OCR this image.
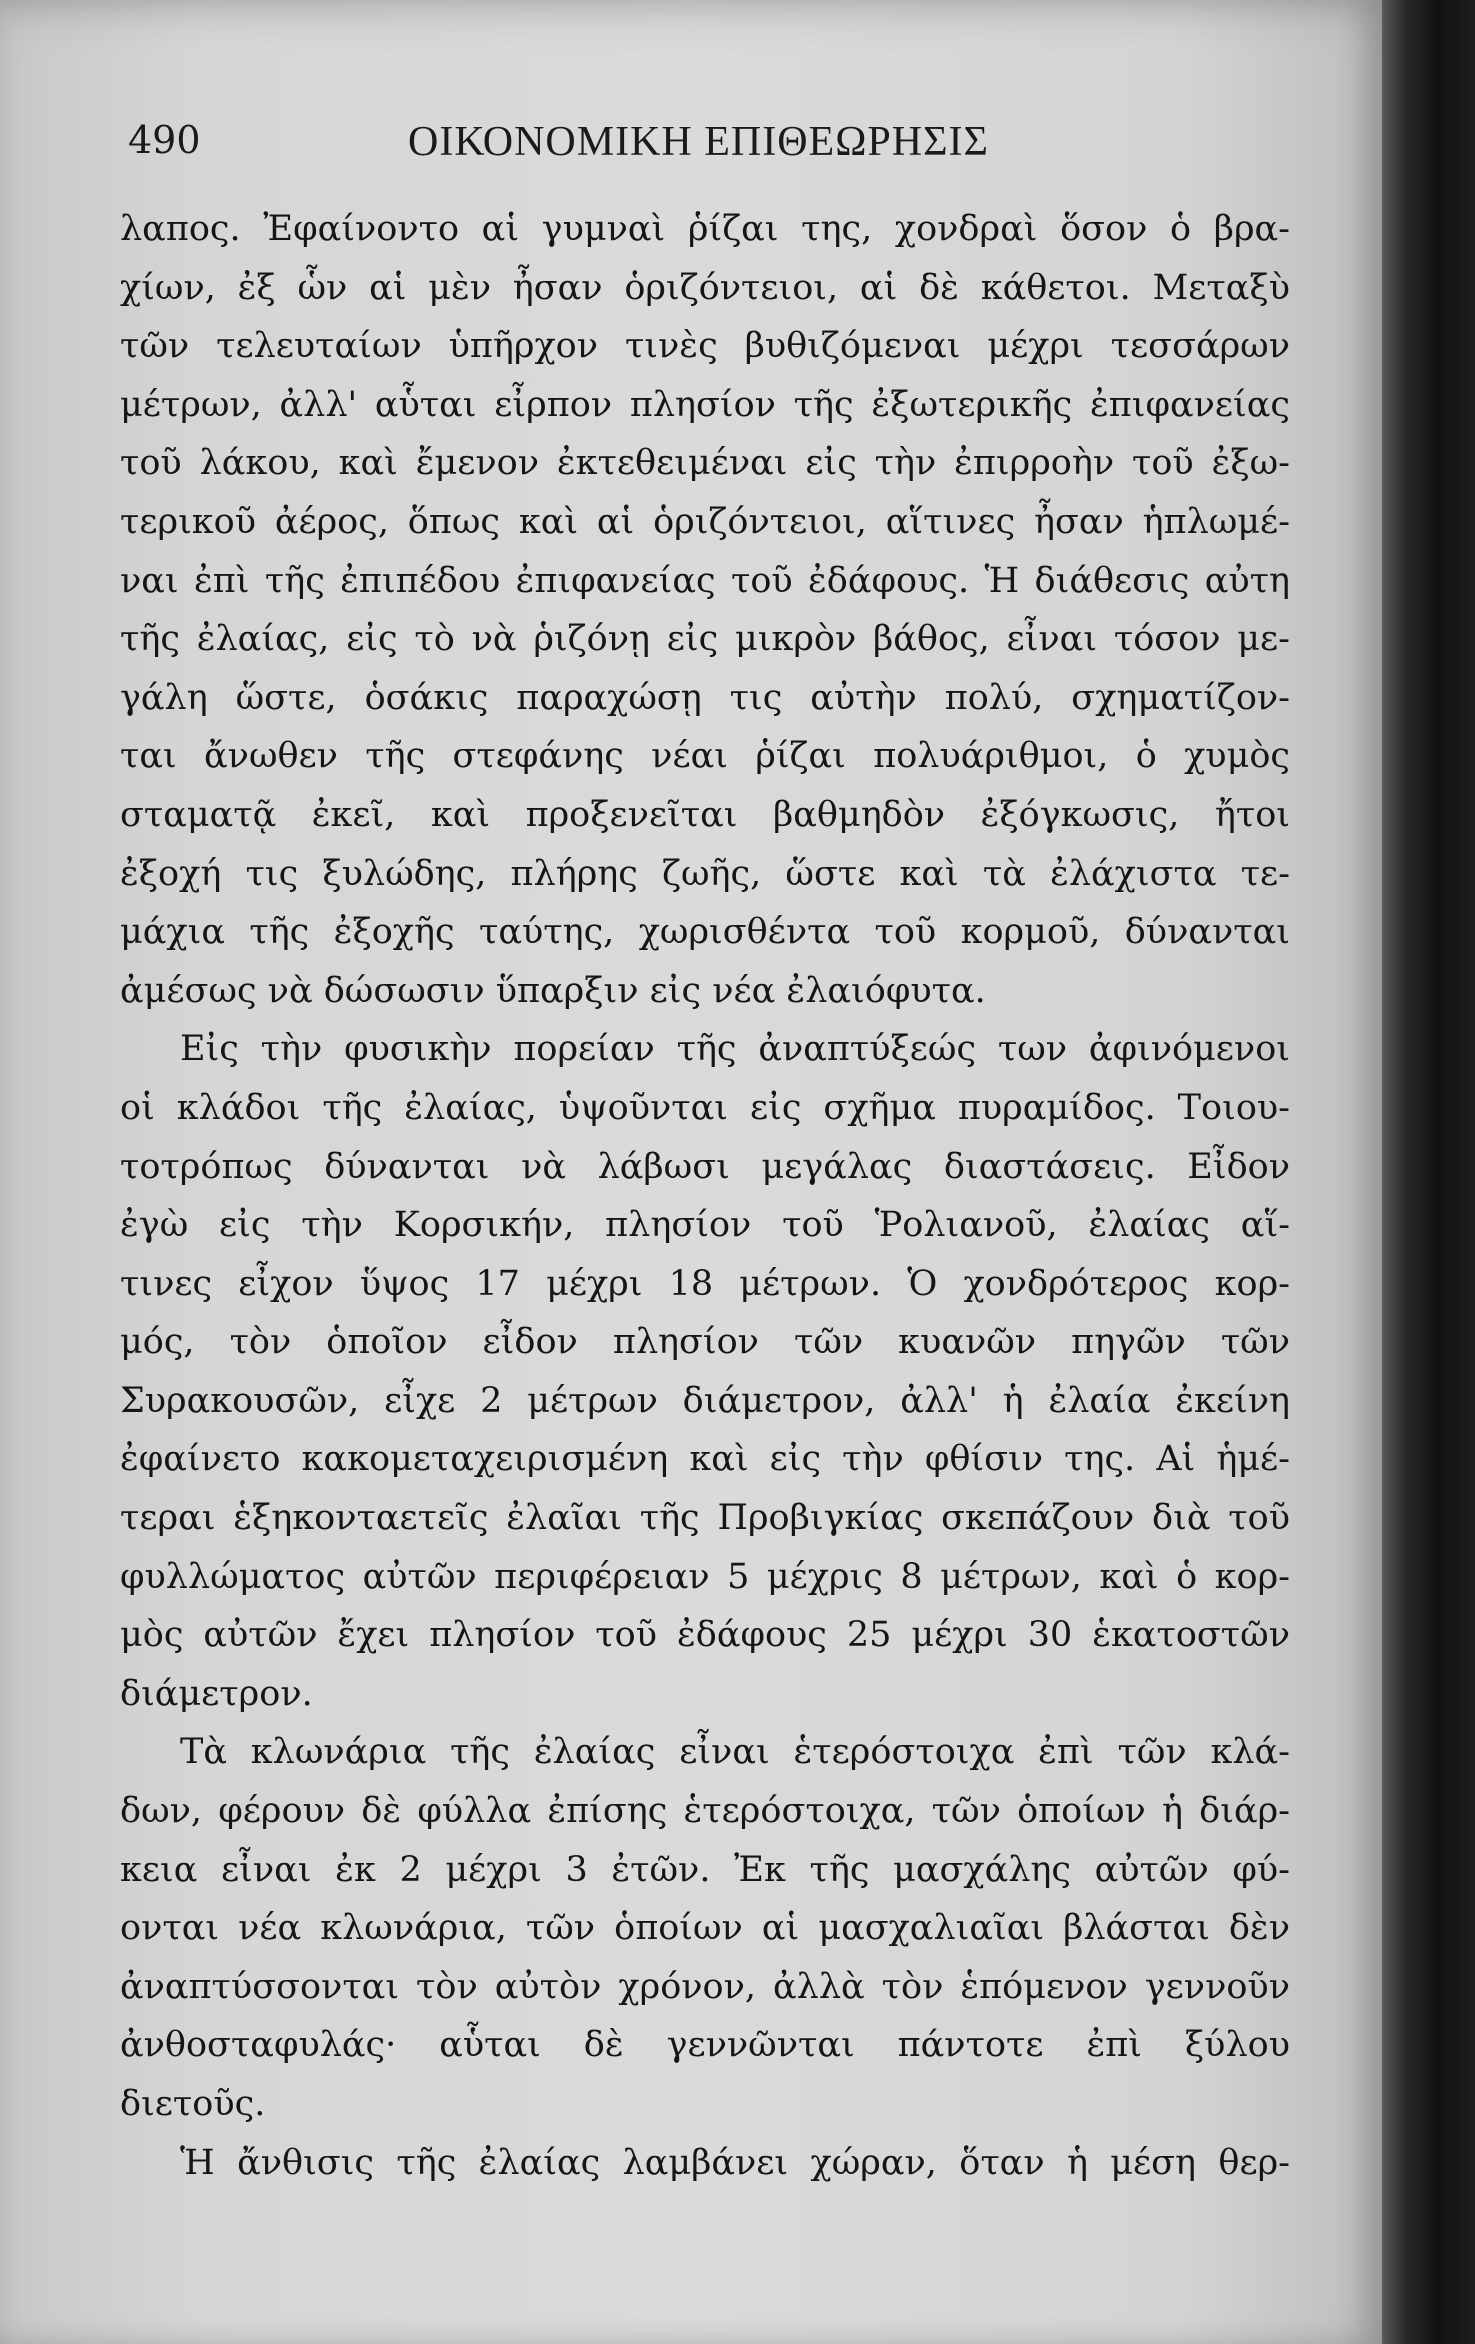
490	ΟΙΚΟΝΟΜΙΚΗ ΕΠΙΘΕΩΡΗΣΙΣ
λαπος. Ἐφαίνοντο αἱ γυμναὶ ῥίζαι της, χονδραὶ ὅσον ὁ βρα-
χίων, ἐξ ὧν αἱ μὲν ἦσαν ὁριζόντειοι, αἱ δὲ κάθετοι. Μεταξὺ
τῶν τελευταίων ὑπῆρχον τινὲς βυθιζόμεναι μέχρι τεσσάρων
μέτρων, ἀλλ' αὗται εἶρπον πλησίον τῆς ἐξωτερικῆς ἐπιφανείας
τοῦ λάκου, καὶ ἔμενον ἐκτεθειμέναι εἰς τὴν ἐπιρροὴν τοῦ ἐξω-
τερικοῦ ἀέρος, ὅπως καὶ αἱ ὁριζόντειοι, αἵτινες ἦσαν ἡπλωμέ-
ναι ἐπὶ τῆς ἐπιπέδου ἐπιφανείας τοῦ ἐδάφους. Ἡ διάθεσις αὐτη
τῆς ἐλαίας, εἰς τὸ νὰ ῥιζόνῃ εἰς μικρὸν βάθος, εἶναι τόσον με-
γάλη ὥστε, ὁσάκις παραχώσῃ τις αὐτὴν πολύ, σχηματίζον-
ται ἄνωθεν τῆς στεφάνης νέαι ῥίζαι πολυάριθμοι, ὁ χυμὸς
σταματᾷ ἐκεῖ, καὶ προξενεῖται βαθμηδὸν ἐξόγκωσις, ἤτοι
ἐξοχή τις ξυλώδης, πλήρης ζωῆς, ὥστε καὶ τὰ ἐλάχιστα τε-
μάχια τῆς ἐξοχῆς ταύτης, χωρισθέντα τοῦ κορμοῦ, δύνανται
ἀμέσως νὰ δώσωσιν ὕπαρξιν εἰς νέα ἐλαιόφυτα.
Εἰς τὴν φυσικὴν πορείαν τῆς ἀναπτύξεώς των ἀφινόμενοι
οἱ κλάδοι τῆς ἐλαίας, ὑψοῦνται εἰς σχῆμα πυραμίδος. Τοιου-
τοτρόπως δύνανται νὰ λάβωσι μεγάλας διαστάσεις. Εἶδον
ἐγὼ εἰς τὴν Κορσικήν, πλησίον τοῦ Ῥολιανοῦ, ἐλαίας αἵ-
τινες εἶχον ὕψος 17 μέχρι 18 μέτρων. Ὁ χονδρότερος κορ-
μός, τὸν ὁποῖον εἶδον πλησίον τῶν κυανῶν πηγῶν τῶν
Συρακουσῶν, εἶχε 2 μέτρων διάμετρον, ἀλλ' ἡ ἐλαία ἐκείνη
ἐφαίνετο κακομεταχειρισμένη καὶ εἰς τὴν φθίσιν της. Αἱ ἡμέ-
τεραι ἑξηκονταετεῖς ἐλαῖαι τῆς Προβιγκίας σκεπάζουν διὰ τοῦ
φυλλώματος αὐτῶν περιφέρειαν 5 μέχρις 8 μέτρων, καὶ ὁ κορ-
μὸς αὐτῶν ἔχει πλησίον τοῦ ἐδάφους 25 μέχρι 30 ἑκατοστῶν
διάμετρον.
Τὰ κλωνάρια τῆς ἐλαίας εἶναι ἑτερόστοιχα ἐπὶ τῶν κλά-
δων, φέρουν δὲ φύλλα ἐπίσης ἑτερόστοιχα, τῶν ὁποίων ἡ διάρ-
κεια εἶναι ἐκ 2 μέχρι 3 ἐτῶν. Ἐκ τῆς μασχάλης αὐτῶν φύ-
ονται νέα κλωνάρια, τῶν ὁποίων αἱ μασχαλιαῖαι βλάσται δὲν
ἀναπτύσσονται τὸν αὐτὸν χρόνον, ἀλλὰ τὸν ἑπόμενον γεννοῦν
ἀνθοσταφυλάς· αὗται δὲ γεννῶνται πάντοτε ἐπὶ ξύλου
διετοῦς.
Ἡ ἄνθισις τῆς ἐλαίας λαμβάνει χώραν, ὅταν ἡ μέση θερ-
